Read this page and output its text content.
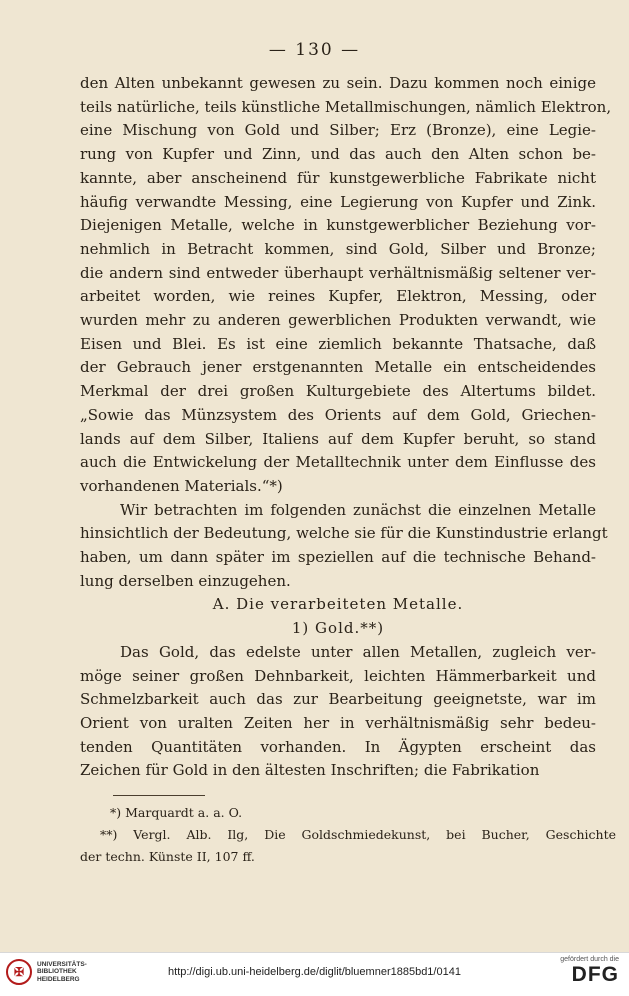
— 130 —
den Alten unbekannt gewesen zu sein. Dazu kommen noch einige
teils natürliche, teils künstliche Metallmischungen, nämlich Elektron,
eine Mischung von Gold und Silber; Erz (Bronze), eine Legie-
rung von Kupfer und Zinn, und das auch den Alten schon be-
kannte, aber anscheinend für kunstgewerbliche Fabrikate nicht
häufig verwandte Messing, eine Legierung von Kupfer und Zink.
Diejenigen Metalle, welche in kunstgewerblicher Beziehung vor-
nehmlich in Betracht kommen, sind Gold, Silber und Bronze;
die andern sind entweder überhaupt verhältnismäßig seltener ver-
arbeitet worden, wie reines Kupfer, Elektron, Messing, oder
wurden mehr zu anderen gewerblichen Produkten verwandt, wie
Eisen und Blei. Es ist eine ziemlich bekannte Thatsache, daß
der Gebrauch jener erstgenannten Metalle ein entscheidendes
Merkmal der drei großen Kulturgebiete des Altertums bildet.
„Sowie das Münzsystem des Orients auf dem Gold, Griechen-
lands auf dem Silber, Italiens auf dem Kupfer beruht, so stand
auch die Entwickelung der Metalltechnik unter dem Einflusse des
vorhandenen Materials.“*)
Wir betrachten im folgenden zunächst die einzelnen Metalle
hinsichtlich der Bedeutung, welche sie für die Kunstindustrie erlangt
haben, um dann später im speziellen auf die technische Behand-
lung derselben einzugehen.
A. Die verarbeiteten Metalle.
1) Gold.**)
Das Gold, das edelste unter allen Metallen, zugleich ver-
möge seiner großen Dehnbarkeit, leichten Hämmerbarkeit und
Schmelzbarkeit auch das zur Bearbeitung geeignetste, war im
Orient von uralten Zeiten her in verhältnismäßig sehr bedeu-
tenden Quantitäten vorhanden. In Ägypten erscheint das
Zeichen für Gold in den ältesten Inschriften; die Fabrikation
*) Marquardt a. a. O.
**) Vergl. Alb. Ilg, Die Goldschmiedekunst, bei Bucher, Geschichte
der techn. Künste II, 107 ff.
✠
UNIVERSITÄTS-
BIBLIOTHEK
HEIDELBERG
http://digi.ub.uni-heidelberg.de/diglit/bluemner1885bd1/0141
gefördert durch die
DFG
